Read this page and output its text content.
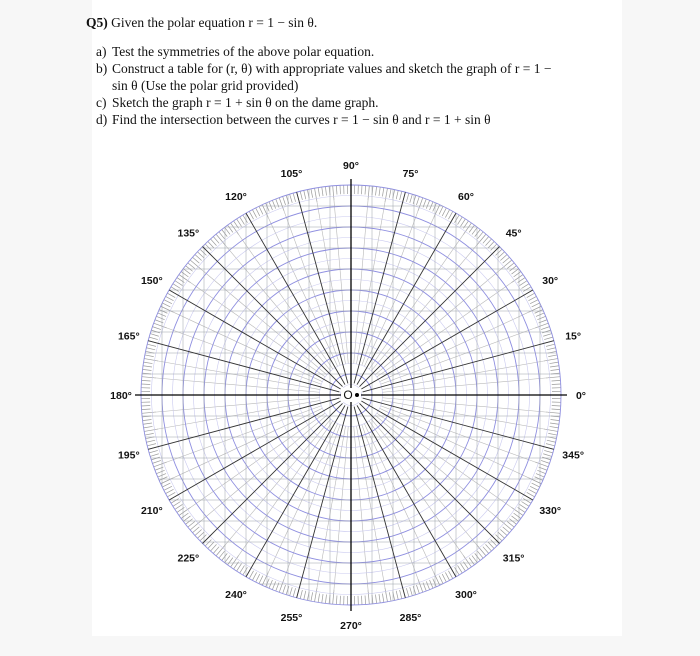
Q5) Given the polar equation r = 1 − sin θ.
a) Test the symmetries of the above polar equation.
b) Construct a table for (r, θ) with appropriate values and sketch the graph of r = 1 −
sin θ (Use the polar grid provided)
c) Sketch the graph r = 1 + sin θ on the dame graph.
d) Find the intersection between the curves r = 1 − sin θ and r = 1 + sin θ
O	0°
15°
30°
45°
60°
75°
90°
105°
120°
135°
150°
165°
180°
195°
210°
225°
240°
255°
270°
285°
300°
315°
330°
345°
